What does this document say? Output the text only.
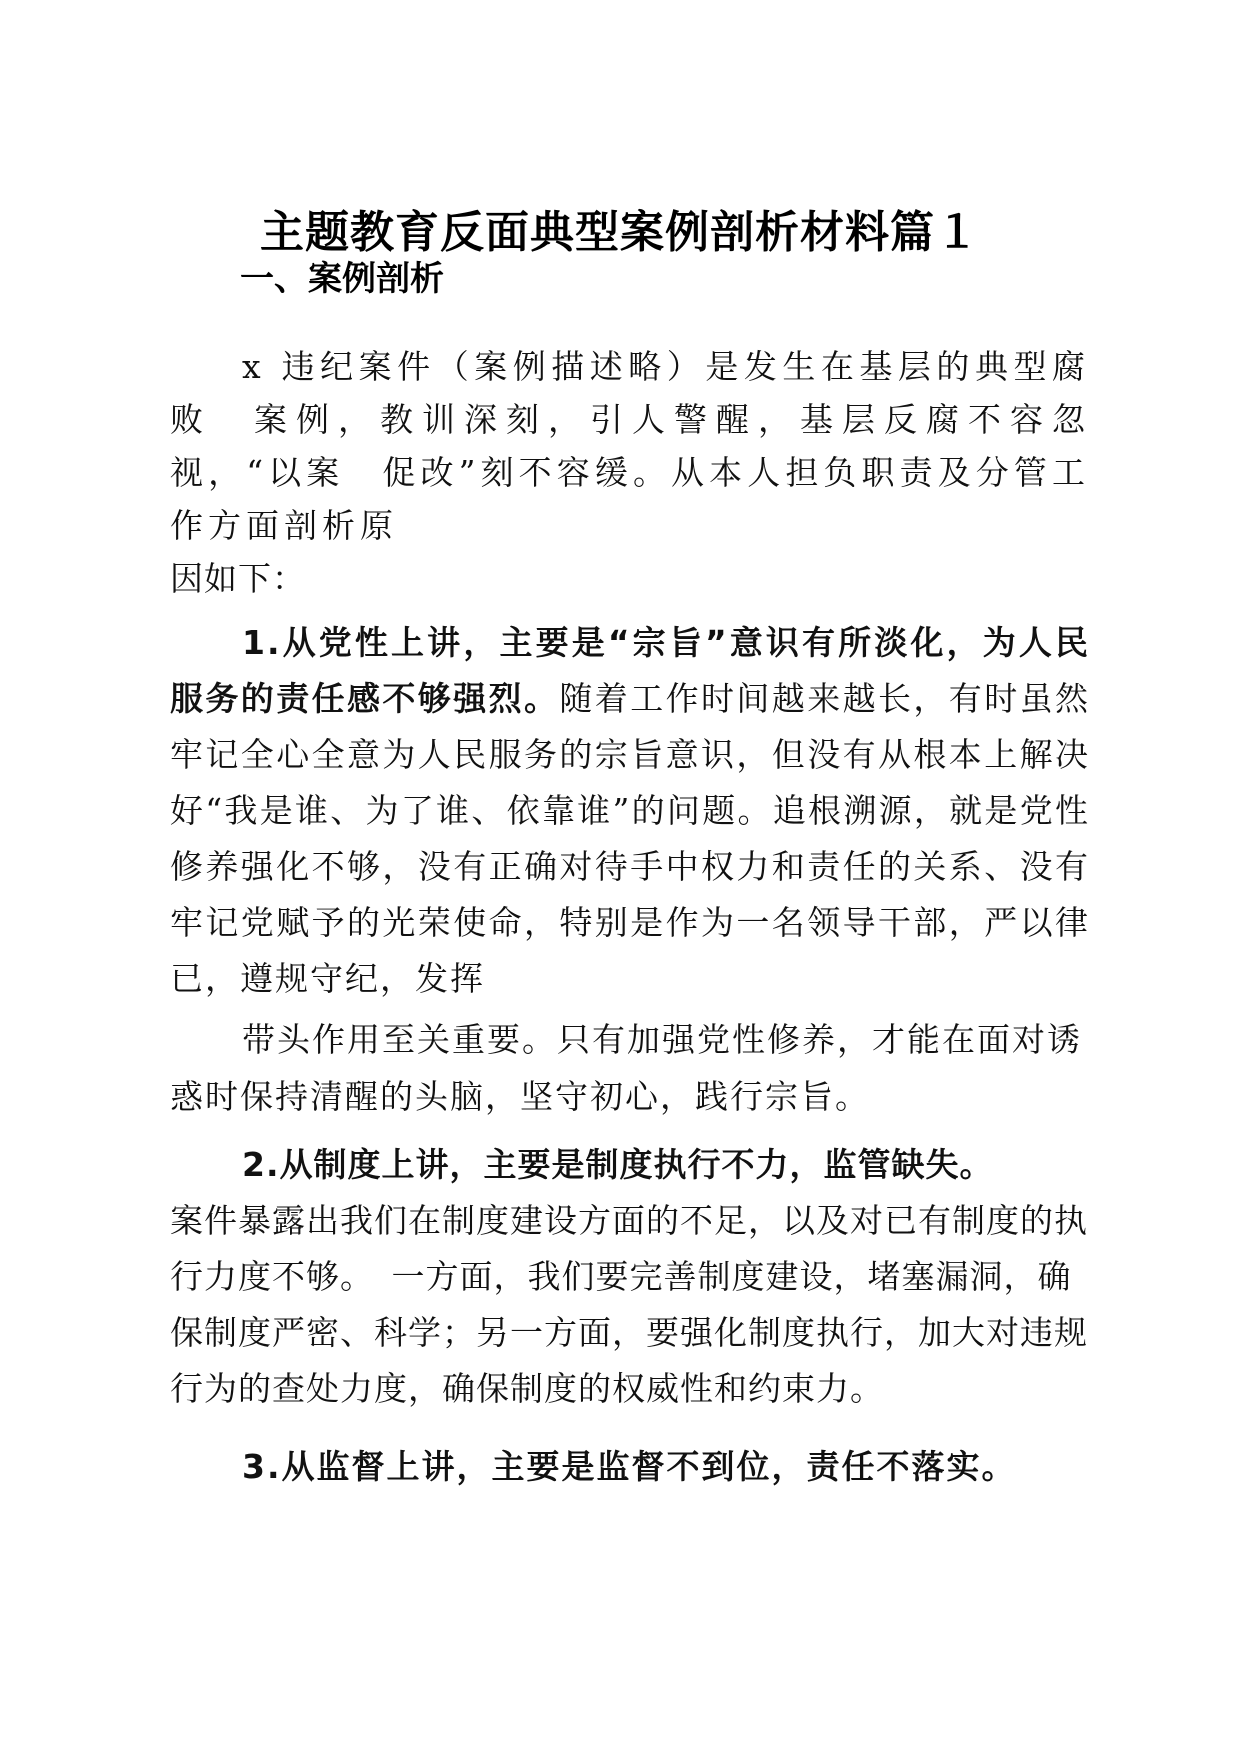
主题教育反面典型案例剖析材料篇１
一、案例剖析

x 违纪案件（案例描述略）是发生在基层的典型腐败　案例，教训深刻，引人警醒，基层反腐不容忽视，“以案　促改”刻不容缓。从本人担负职责及分管工作方面剖析原

因如下：

1.从党性上讲，主要是“宗旨”意识有所淡化，为人民服务的责任感不够强烈。随着工作时间越来越长，有时虽然牢记全心全意为人民服务的宗旨意识，但没有从根本上解决好“我是谁、为了谁、依靠谁”的问题。追根溯源，就是党性修养强化不够，没有正确对待手中权力和责任的关系、没有牢记党赋予的光荣使命，特别是作为一名领导干部，严以律已，遵规守纪，发挥

带头作用至关重要。只有加强党性修养，才能在面对诱惑时保持清醒的头脑，坚守初心，践行宗旨。

2.从制度上讲，主要是制度执行不力，监管缺失。

案件暴露出我们在制度建设方面的不足，以及对已有制度的执行力度不够。　一方面，我们要完善制度建设，堵塞漏洞，确保制度严密、科学；另一方面，要强化制度执行，加大对违规行为的查处力度，确保制度的权威性和约束力。

3.从监督上讲，主要是监督不到位，责任不落实。
